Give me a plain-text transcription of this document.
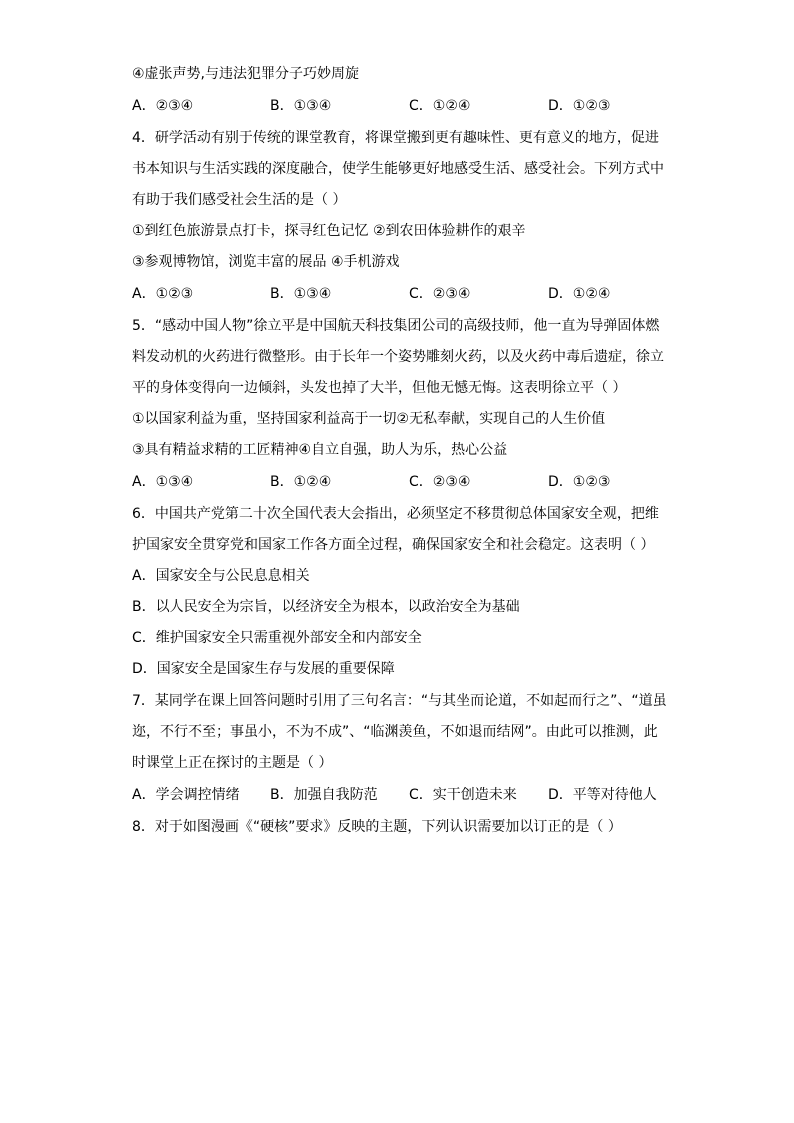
④虚张声势,与违法犯罪分子巧妙周旋
A．②③④	B．①③④	C．①②④	D．①②③
4．研学活动有别于传统的课堂教育，将课堂搬到更有趣味性、更有意义的地方，促进
书本知识与生活实践的深度融合，使学生能够更好地感受生活、感受社会。下列方式中
有助于我们感受社会生活的是（ ）
①到红色旅游景点打卡，探寻红色记忆 ②到农田体验耕作的艰辛
③参观博物馆，浏览丰富的展品 ④手机游戏
A．①②③	B．①③④	C．②③④	D．①②④
5．“感动中国人物”徐立平是中国航天科技集团公司的高级技师，他一直为导弹固体燃
料发动机的火药进行微整形。由于长年一个姿势雕刻火药，以及火药中毒后遗症，徐立
平的身体变得向一边倾斜，头发也掉了大半，但他无憾无悔。这表明徐立平（ ）
①以国家利益为重，坚持国家利益高于一切②无私奉献，实现自己的人生价值
③具有精益求精的工匠精神④自立自强，助人为乐，热心公益
A．①③④	B．①②④	C．②③④	D．①②③
6．中国共产党第二十次全国代表大会指出，必须坚定不移贯彻总体国家安全观，把维
护国家安全贯穿党和国家工作各方面全过程，确保国家安全和社会稳定。这表明（ ）
A．国家安全与公民息息相关
B．以人民安全为宗旨，以经济安全为根本，以政治安全为基础
C．维护国家安全只需重视外部安全和内部安全
D．国家安全是国家生存与发展的重要保障
7．某同学在课上回答问题时引用了三句名言：“与其坐而论道，不如起而行之”、“道虽
迩，不行不至；事虽小，不为不成”、“临渊羡鱼，不如退而结网”。由此可以推测，此
时课堂上正在探讨的主题是（ ）
A．学会调控情绪 B．加强自我防范 C．实干创造未来 D．平等对待他人
8．对于如图漫画《“硬核”要求》反映的主题，下列认识需要加以订正的是（ ）
